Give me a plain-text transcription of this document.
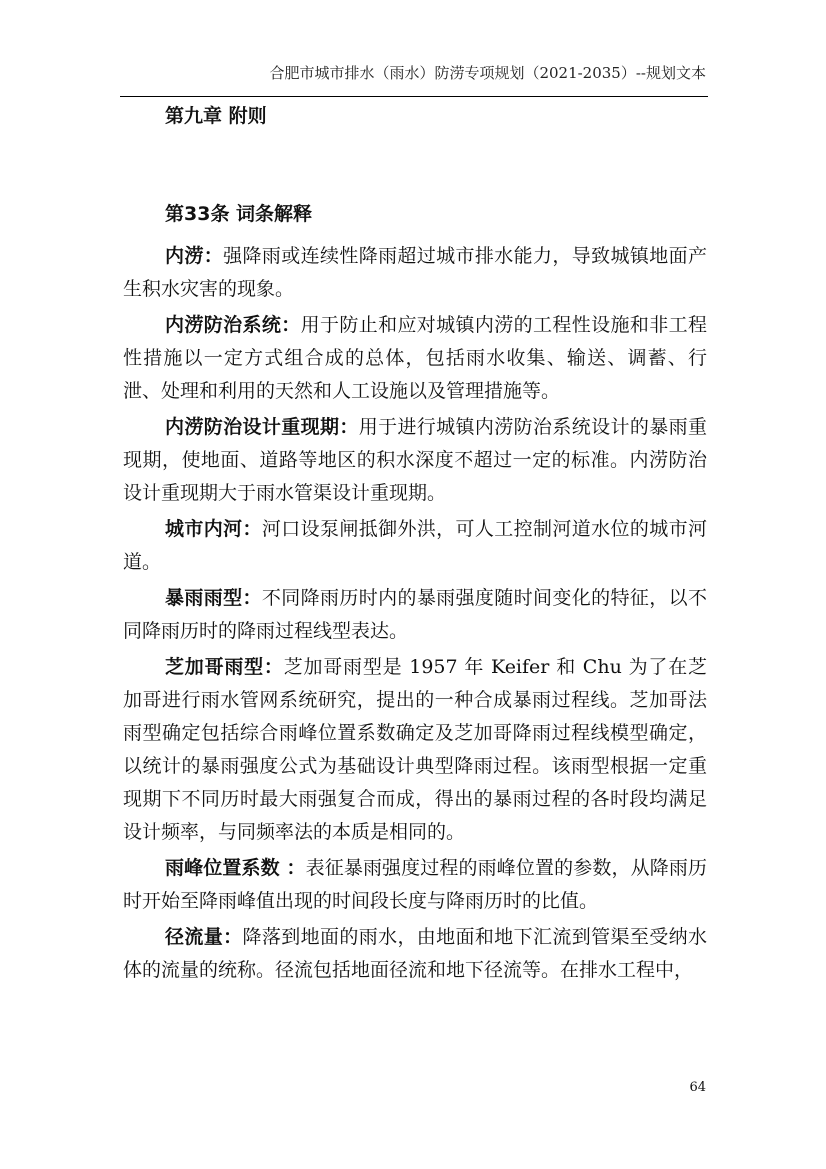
合肥市城市排水（雨水）防涝专项规划（2021-2035）--规划文本
第九章 附则
第33条 词条解释

内涝：强降雨或连续性降雨超过城市排水能力，导致城镇地面产生积水灾害的现象。

内涝防治系统：用于防止和应对城镇内涝的工程性设施和非工程性措施以一定方式组合成的总体，包括雨水收集、输送、调蓄、行泄、处理和利用的天然和人工设施以及管理措施等。

内涝防治设计重现期：用于进行城镇内涝防治系统设计的暴雨重现期，使地面、道路等地区的积水深度不超过一定的标准。内涝防治设计重现期大于雨水管渠设计重现期。

城市内河：河口设泵闸抵御外洪，可人工控制河道水位的城市河道。

暴雨雨型：不同降雨历时内的暴雨强度随时间变化的特征，以不同降雨历时的降雨过程线型表达。

芝加哥雨型：芝加哥雨型是 1957 年 Keifer 和 Chu 为了在芝加哥进行雨水管网系统研究，提出的一种合成暴雨过程线。芝加哥法雨型确定包括综合雨峰位置系数确定及芝加哥降雨过程线模型确定，以统计的暴雨强度公式为基础设计典型降雨过程。该雨型根据一定重现期下不同历时最大雨强复合而成，得出的暴雨过程的各时段均满足设计频率，与同频率法的本质是相同的。

雨峰位置系数 ：表征暴雨强度过程的雨峰位置的参数，从降雨历时开始至降雨峰值出现的时间段长度与降雨历时的比值。

径流量：降落到地面的雨水，由地面和地下汇流到管渠至受纳水体的流量的统称。径流包括地面径流和地下径流等。在排水工程中，

64
